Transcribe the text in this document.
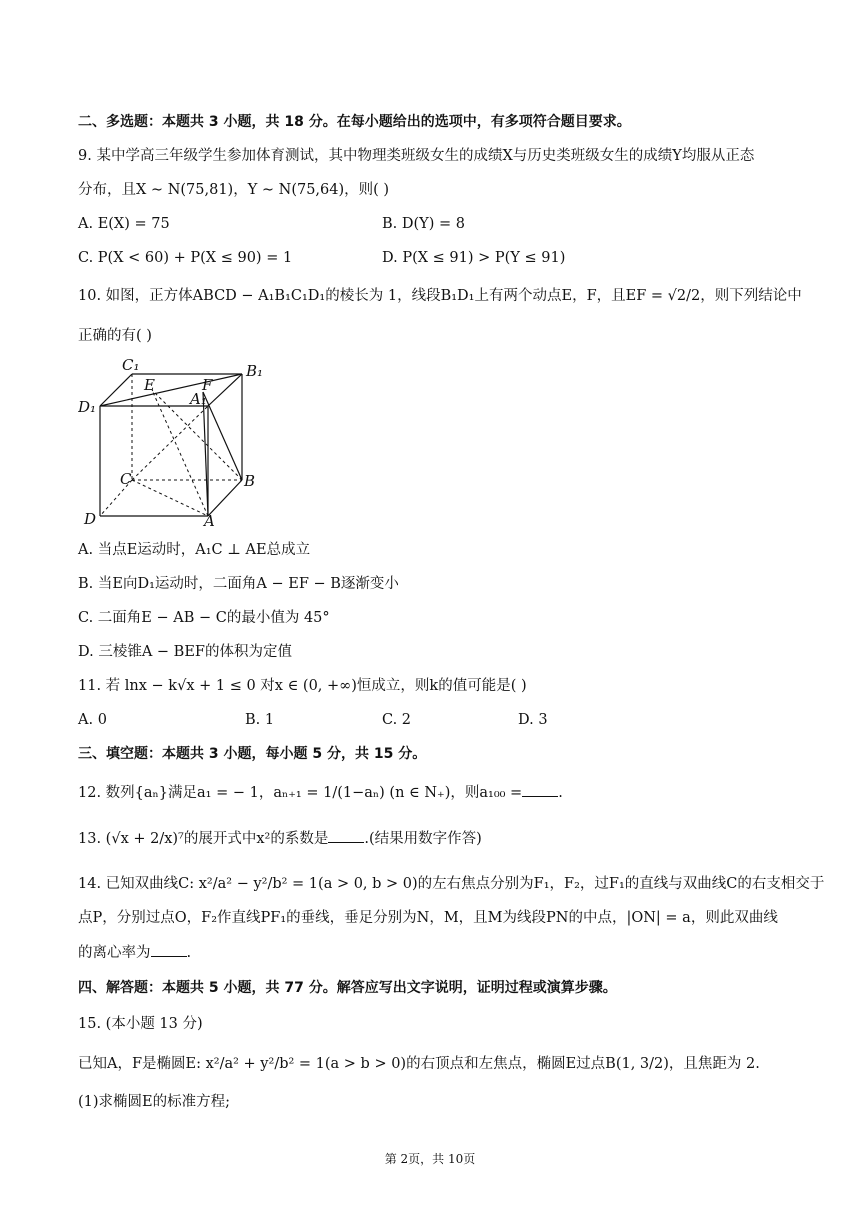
二、多选题：本题共 3 小题，共 18 分。在每小题给出的选项中，有多项符合题目要求。
9. 某中学高三年级学生参加体育测试，其中物理类班级女生的成绩X与历史类班级女生的成绩Y均服从正态
分布，且X ∼ N(75,81)，Y ∼ N(75,64)，则( )
A. E(X) = 75	B. D(Y) = 8
C. P(X < 60) + P(X ≤ 90) = 1	D. P(X ≤ 91) > P(Y ≤ 91)
10. 如图，正方体ABCD − A₁B₁C₁D₁的棱长为 1，线段B₁D₁上有两个动点E，F，且EF = √2/2，则下列结论中
正确的有( )
C₁	B₁
D₁	A₁
E	F
C	B
D	A
A. 当点E运动时，A₁C ⊥ AE总成立
B. 当E向D₁运动时，二面角A − EF − B逐渐变小
C. 二面角E − AB − C的最小值为 45°
D. 三棱锥A − BEF的体积为定值
11. 若 lnx − k√x + 1 ≤ 0 对x ∈ (0, +∞)恒成立，则k的值可能是( )
A. 0	B. 1	C. 2	D. 3
三、填空题：本题共 3 小题，每小题 5 分，共 15 分。
12. 数列{aₙ}满足a₁ = − 1，aₙ₊₁ = 1/(1−aₙ) (n ∈ N₊)，则a₁₀₀ = .
13. (√x + 2/x)⁷的展开式中x²的系数是 .(结果用数字作答)
14. 已知双曲线C: x²/a² − y²/b² = 1(a > 0, b > 0)的左右焦点分别为F₁，F₂，过F₁的直线与双曲线C的右支相交于
点P，分别过点O，F₂作直线PF₁的垂线，垂足分别为N，M，且M为线段PN的中点，|ON| = a，则此双曲线
的离心率为 .
四、解答题：本题共 5 小题，共 77 分。解答应写出文字说明，证明过程或演算步骤。
15. (本小题 13 分)
已知A，F是椭圆E: x²/a² + y²/b² = 1(a > b > 0)的右顶点和左焦点，椭圆E过点B(1, 3/2)，且焦距为 2.
(1)求椭圆E的标准方程;
第 2页，共 10页
